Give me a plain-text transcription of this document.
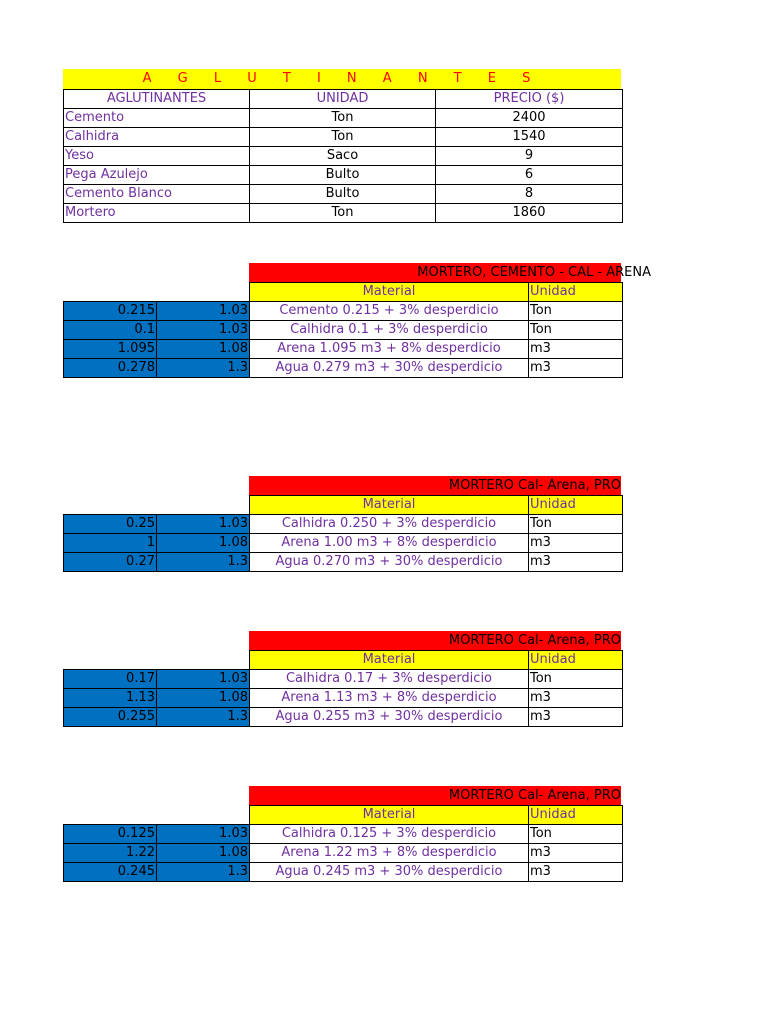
A G L U T I N A N T E S
AGLUTINANTES	UNIDAD	PRECIO ($)
Cemento	Ton	2400
Calhidra	Ton	1540
Yeso	Saco	9
Pega Azulejo	Bulto	6
Cemento Blanco	Bulto	8
Mortero	Ton	1860
MORTERO, CEMENTO - CAL - ARENA
		Material	Unidad
0.215	1.03	Cemento 0.215 + 3% desperdicio	Ton
0.1	1.03	Calhidra 0.1 + 3% desperdicio	Ton
1.095	1.08	Arena 1.095 m3 + 8% desperdicio	m3
0.278	1.3	Agua 0.279 m3 + 30% desperdicio	m3
MORTERO Cal- Arena, PRO
		Material	Unidad
0.25	1.03	Calhidra 0.250 + 3% desperdicio	Ton
1	1.08	Arena 1.00 m3 + 8% desperdicio	m3
0.27	1.3	Agua 0.270 m3 + 30% desperdicio	m3
MORTERO Cal- Arena, PRO
		Material	Unidad
0.17	1.03	Calhidra 0.17 + 3% desperdicio	Ton
1.13	1.08	Arena 1.13 m3 + 8% desperdicio	m3
0.255	1.3	Agua 0.255 m3 + 30% desperdicio	m3
MORTERO Cal- Arena, PRO
		Material	Unidad
0.125	1.03	Calhidra 0.125 + 3% desperdicio	Ton
1.22	1.08	Arena 1.22 m3 + 8% desperdicio	m3
0.245	1.3	Agua 0.245 m3 + 30% desperdicio	m3
